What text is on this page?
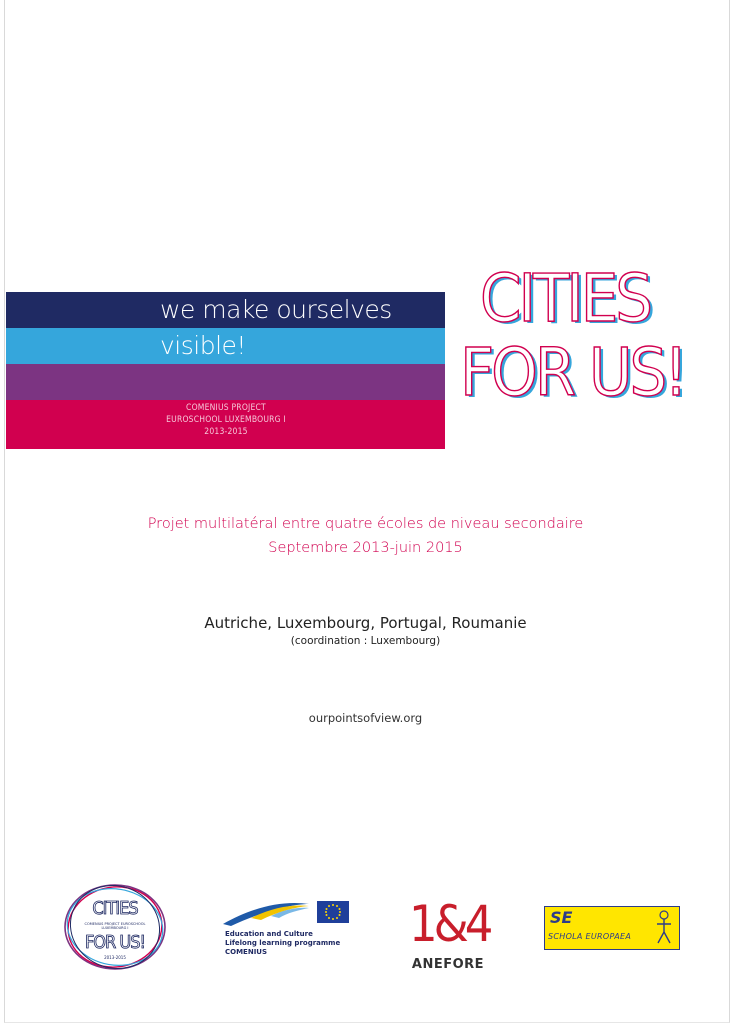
we make ourselves
visible!
COMENIUS PROJECT
EUROSCHOOL LUXEMBOURG I
2013-2015
CITIES
FOR US!
Projet multilatéral entre quatre écoles de niveau secondaire
Septembre 2013-juin 2015
Autriche, Luxembourg, Portugal, Roumanie
(coordination : Luxembourg)
ourpointsofview.org
CITIES
COMENIUS PROJECT EUROSCHOOL LUXEMBOURG I
FOR US!
2013-2015
Education and Culture
Lifelong learning programme
COMENIUS	1&4
ANEFORE
SE
SCHOLA EUROPAEA
